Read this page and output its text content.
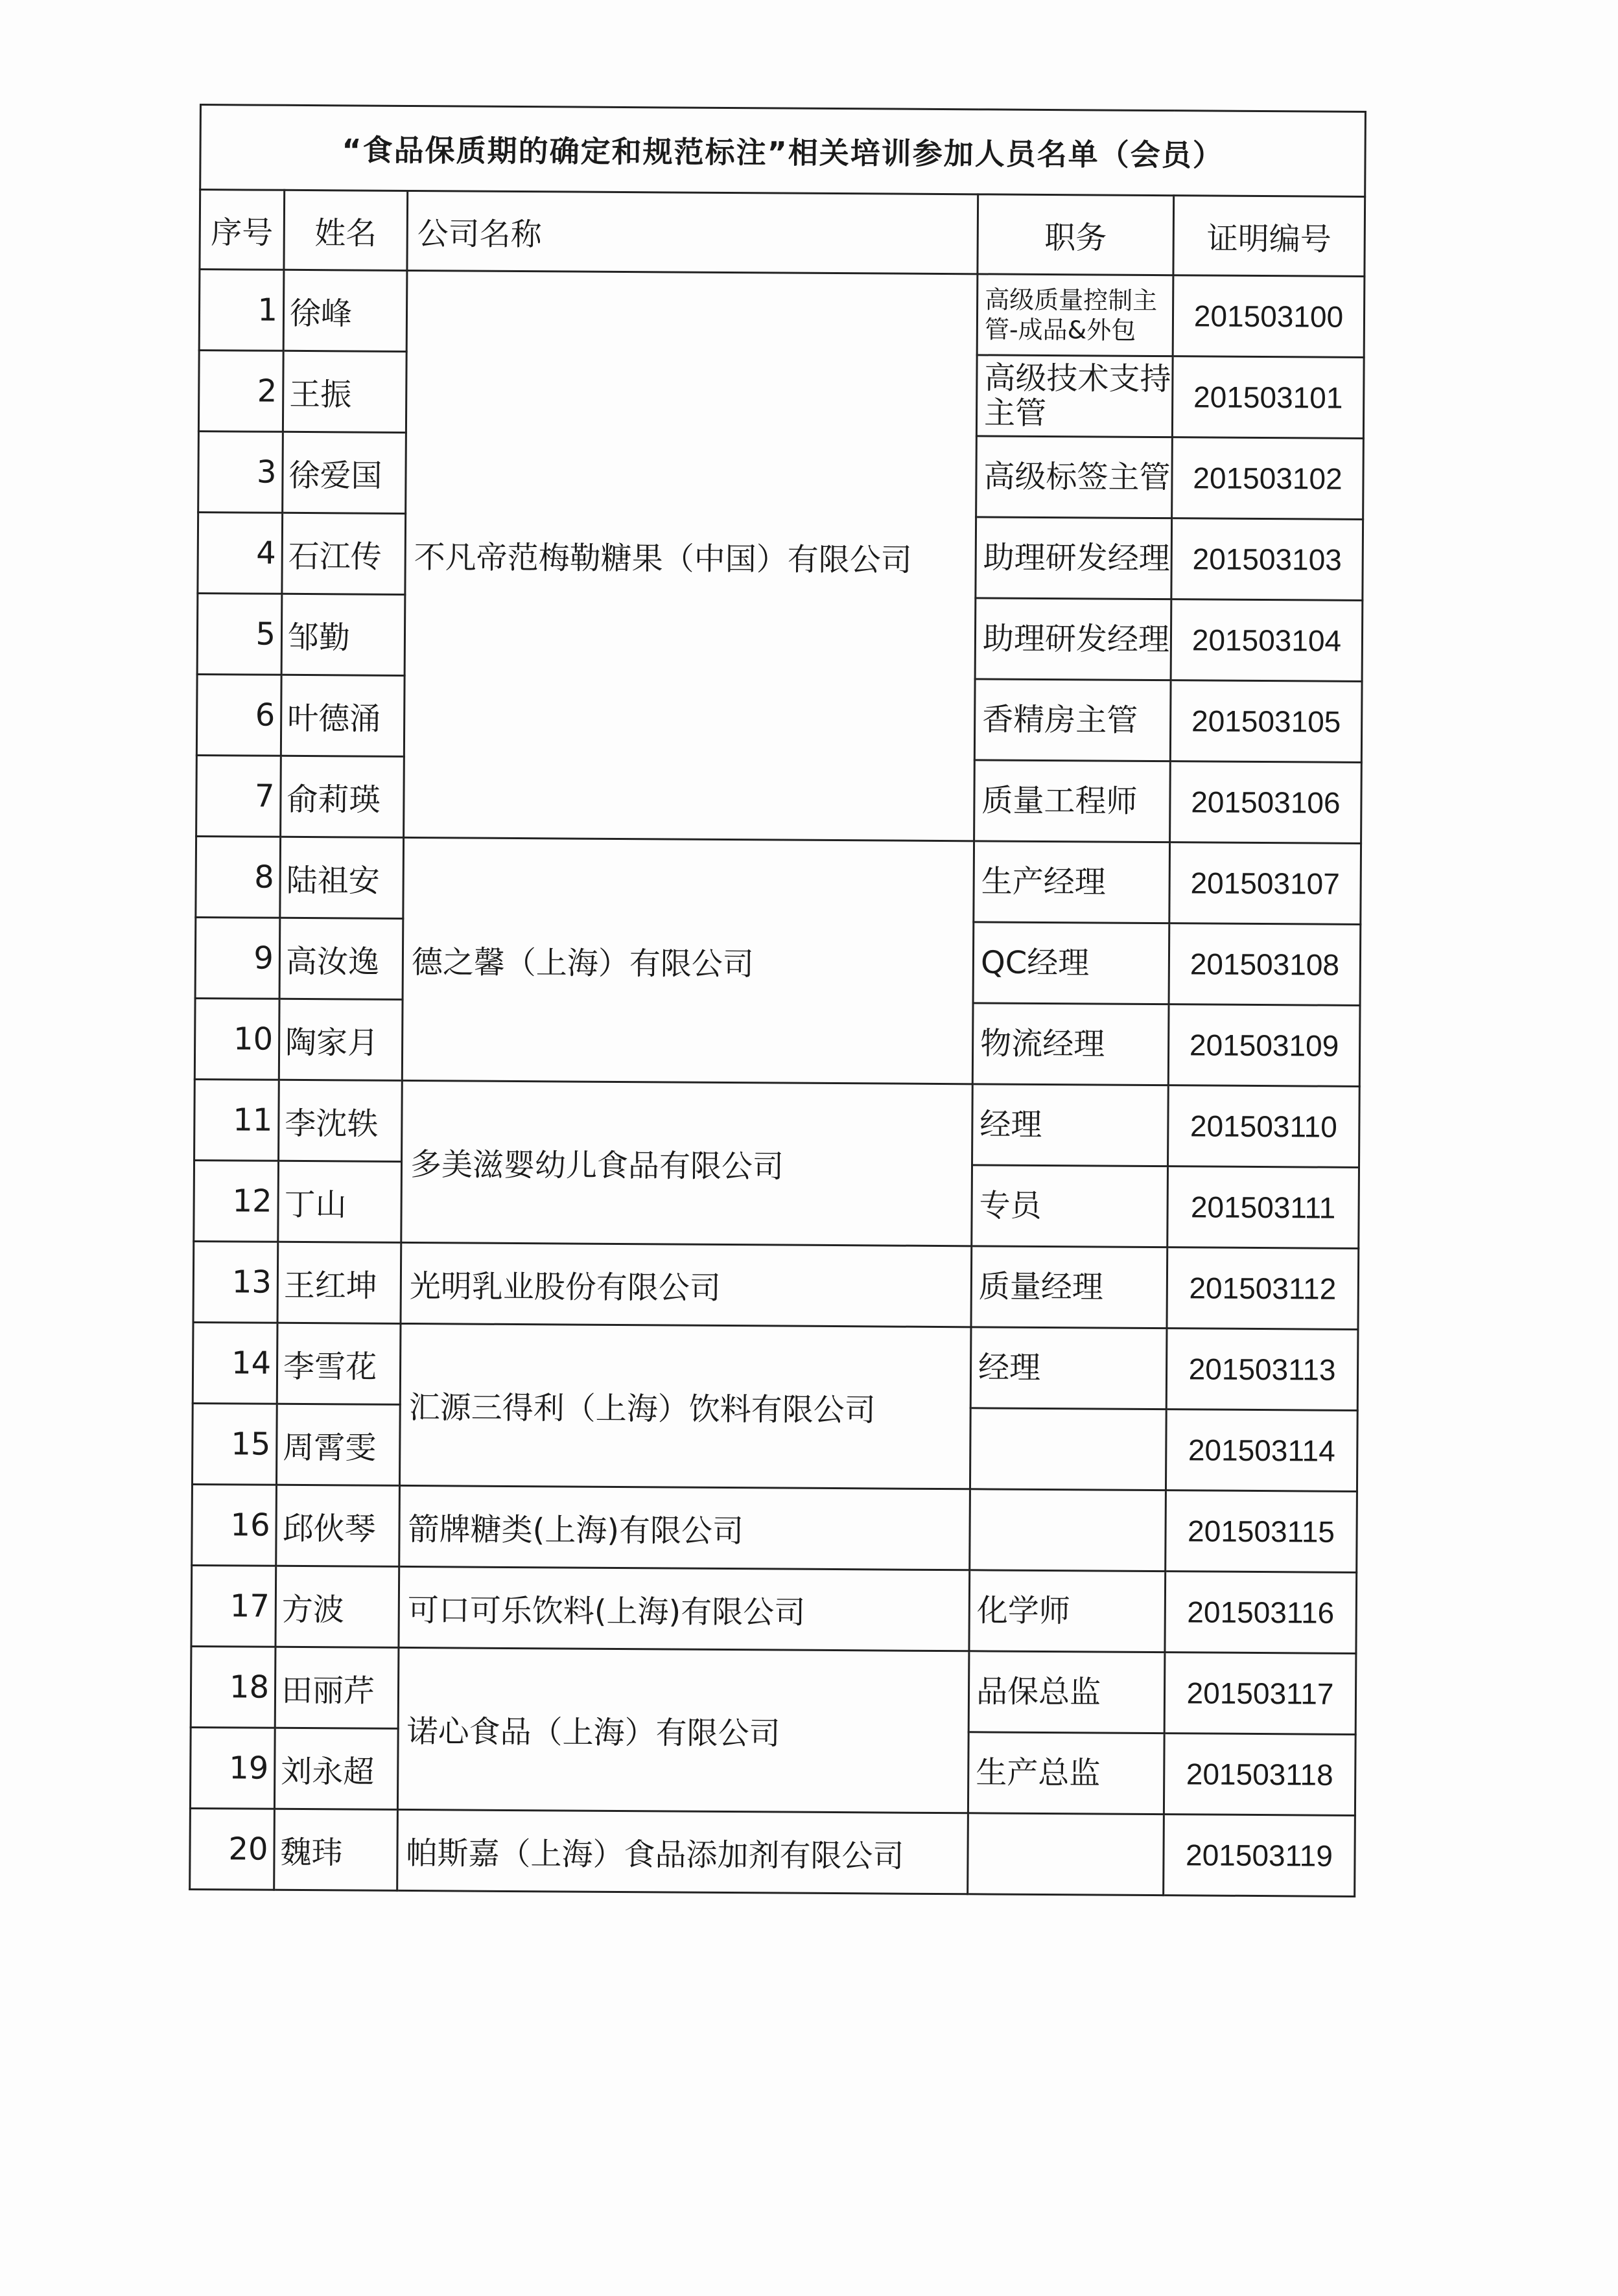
“食品保质期的确定和规范标注”相关培训参加人员名单（会员）				
序号	姓名	公司名称	职务	证明编号
1	徐峰	不凡帝范梅勒糖果（中国）有限公司	高级质量控制主管-成品&外包	201503100
2	王振		高级技术支持主管	201503101
3	徐爱国		高级标签主管	201503102
4	石江传		助理研发经理	201503103
5	邹勤		助理研发经理	201503104
6	叶德涌		香精房主管	201503105
7	俞莉瑛		质量工程师	201503106
8	陆祖安	德之馨（上海）有限公司	生产经理	201503107
9	高汝逸		QC经理	201503108
10	陶家月		物流经理	201503109
11	李沈轶	多美滋婴幼儿食品有限公司	经理	201503110
12	丁山		专员	201503111
13	王红坤	光明乳业股份有限公司	质量经理	201503112
14	李雪花	汇源三得利（上海）饮料有限公司	经理	201503113
15	周霄雯			201503114
16	邱伙琴	箭牌糖类(上海)有限公司		201503115
17	方波	可口可乐饮料(上海)有限公司	化学师	201503116
18	田丽芹	诺心食品（上海）有限公司	品保总监	201503117
19	刘永超		生产总监	201503118
20	魏玮	帕斯嘉（上海）食品添加剂有限公司		201503119
